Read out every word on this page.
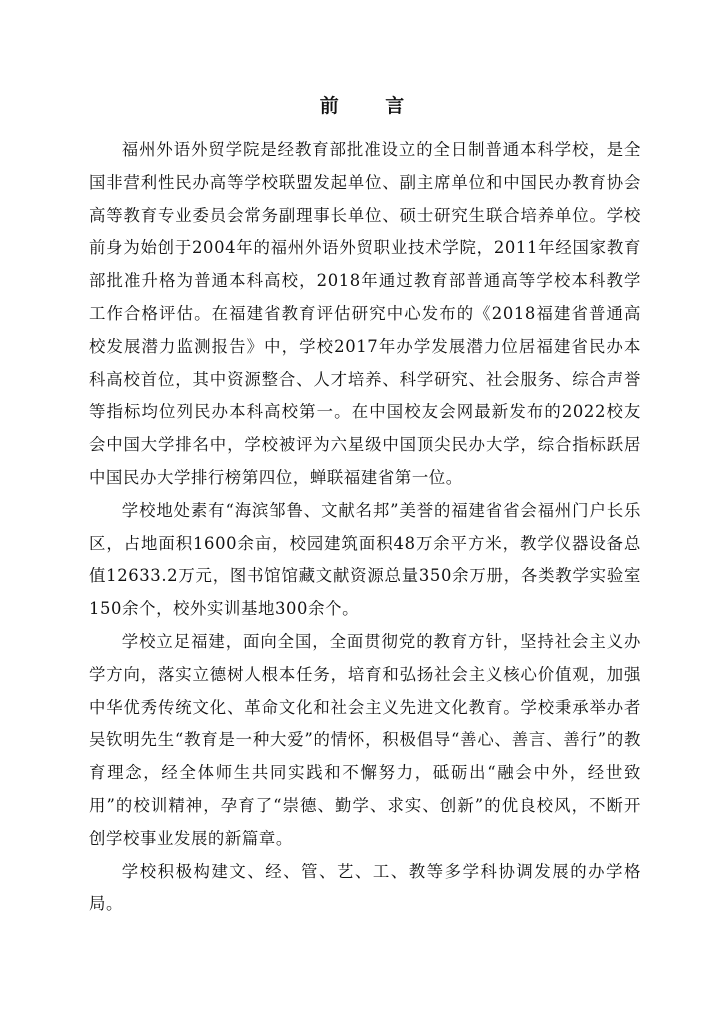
前 言

福州外语外贸学院是经教育部批准设立的全日制普通本科学校，是全国非营利性民办高等学校联盟发起单位、副主席单位和中国民办教育协会高等教育专业委员会常务副理事长单位、硕士研究生联合培养单位。学校前身为始创于2004年的福州外语外贸职业技术学院，2011年经国家教育部批准升格为普通本科高校，2018年通过教育部普通高等学校本科教学工作合格评估。在福建省教育评估研究中心发布的《2018福建省普通高校发展潜力监测报告》中，学校2017年办学发展潜力位居福建省民办本科高校首位，其中资源整合、人才培养、科学研究、社会服务、综合声誉等指标均位列民办本科高校第一。在中国校友会网最新发布的2022校友会中国大学排名中，学校被评为六星级中国顶尖民办大学，综合指标跃居中国民办大学排行榜第四位，蝉联福建省第一位。

学校地处素有“海滨邹鲁、文献名邦”美誉的福建省省会福州门户长乐区，占地面积1600余亩，校园建筑面积48万余平方米，教学仪器设备总值12633.2万元，图书馆馆藏文献资源总量350余万册，各类教学实验室150余个，校外实训基地300余个。

学校立足福建，面向全国，全面贯彻党的教育方针，坚持社会主义办学方向，落实立德树人根本任务，培育和弘扬社会主义核心价值观，加强中华优秀传统文化、革命文化和社会主义先进文化教育。学校秉承举办者吴钦明先生“教育是一种大爱”的情怀，积极倡导“善心、善言、善行”的教育理念，经全体师生共同实践和不懈努力，砥砺出“融会中外，经世致用”的校训精神，孕育了“崇德、勤学、求实、创新”的优良校风，不断开创学校事业发展的新篇章。

学校积极构建文、经、管、艺、工、教等多学科协调发展的办学格局。
